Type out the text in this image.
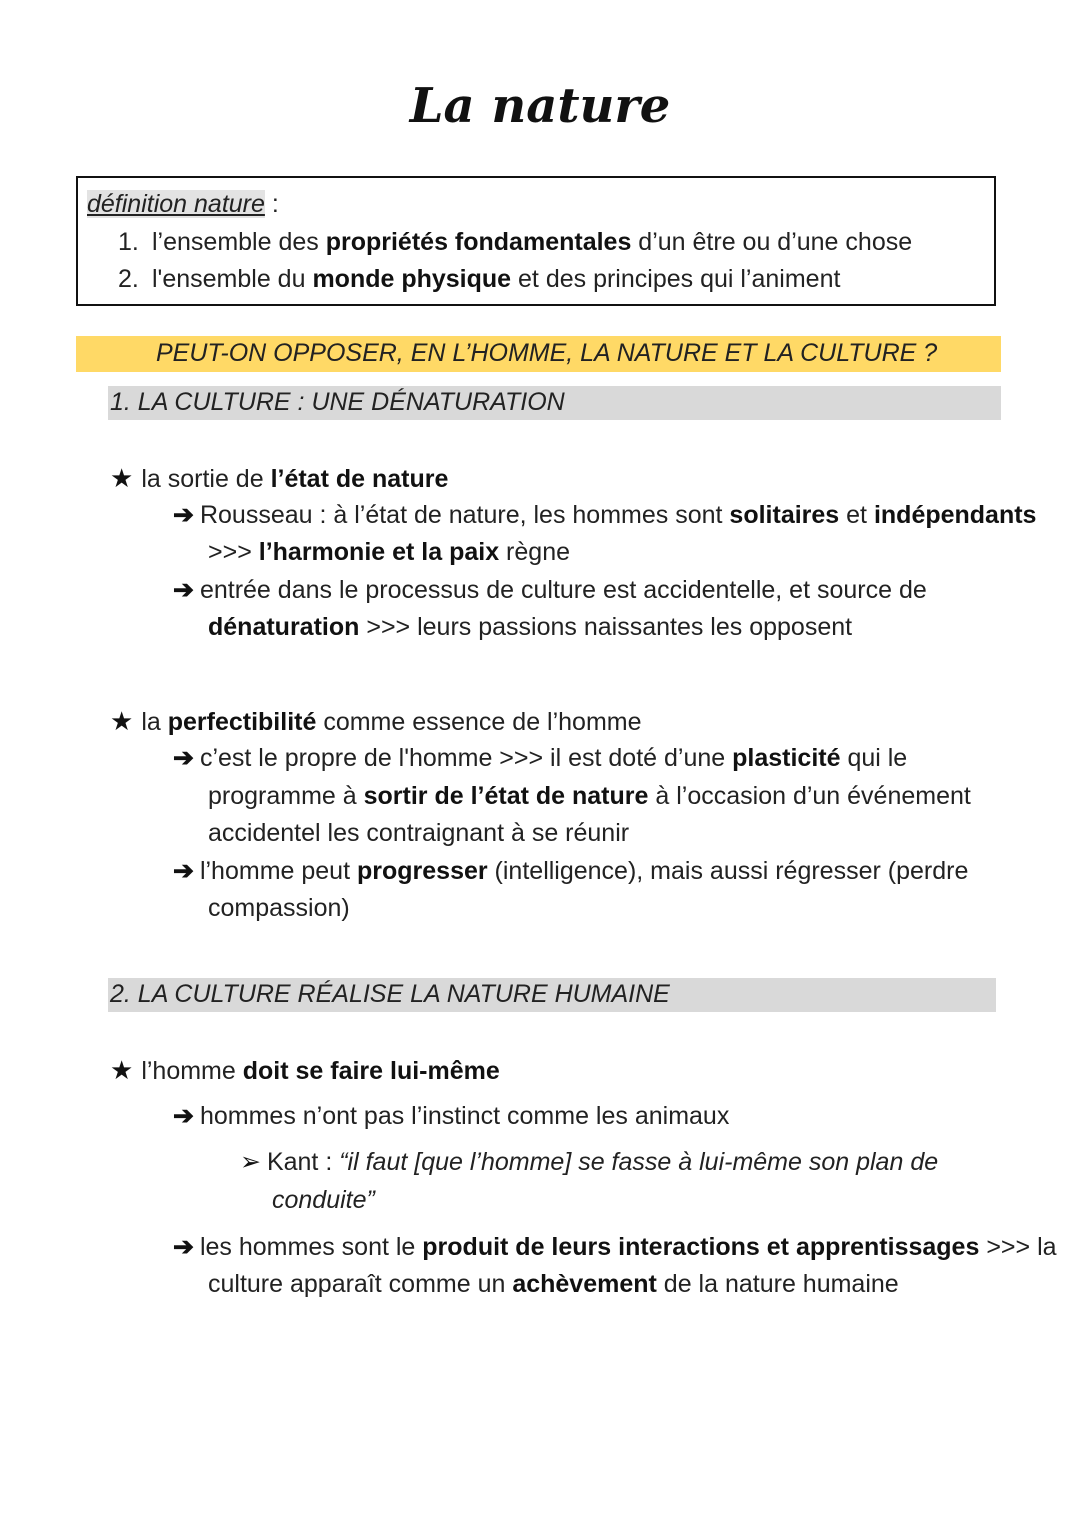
La nature
définition nature :
1. l’ensemble des propriétés fondamentales d’un être ou d’une chose
2. l'ensemble du monde physique et des principes qui l’animent
PEUT-ON OPPOSER, EN L’HOMME, LA NATURE ET LA CULTURE ?
1. LA CULTURE : UNE DÉNATURATION
★ la sortie de l’état de nature
➔ Rousseau : à l’état de nature, les hommes sont solitaires et indépendants
>>> l’harmonie et la paix règne
➔ entrée dans le processus de culture est accidentelle, et source de
dénaturation >>> leurs passions naissantes les opposent
★ la perfectibilité comme essence de l’homme
➔ c’est le propre de l'homme >>> il est doté d’une plasticité qui le
programme à sortir de l’état de nature à l’occasion d’un événement
accidentel les contraignant à se réunir
➔ l’homme peut progresser (intelligence), mais aussi régresser (perdre
compassion)
2. LA CULTURE RÉALISE LA NATURE HUMAINE
★ l’homme doit se faire lui-même
➔ hommes n’ont pas l’instinct comme les animaux
➢ Kant : “il faut [que l’homme] se fasse à lui-même son plan de
conduite”
➔ les hommes sont le produit de leurs interactions et apprentissages >>> la
culture apparaît comme un achèvement de la nature humaine
